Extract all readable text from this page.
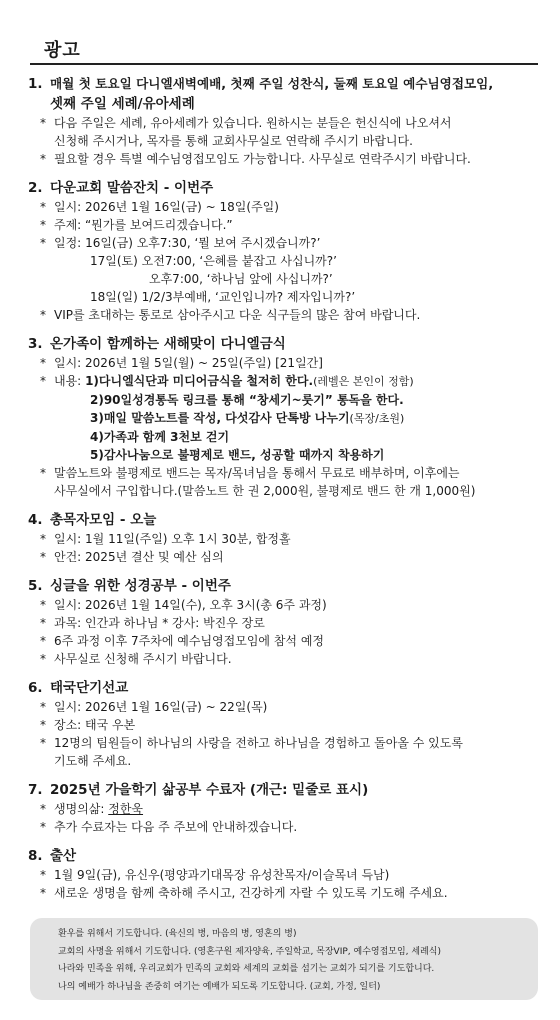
광고
1. 매월 첫 토요일 다니엘새벽예배, 첫째 주일 성찬식, 둘째 토요일 예수님영접모임,
셋째 주일 세례/유아세례
* 다음 주일은 세례, 유아세례가 있습니다. 원하시는 분들은 헌신식에 나오셔서
신청해 주시거나, 목자를 통해 교회사무실로 연락해 주시기 바랍니다.
* 필요할 경우 특별 예수님영접모임도 가능합니다. 사무실로 연락주시기 바랍니다.
2. 다운교회 말씀잔치 - 이번주
* 일시: 2026년 1월 16일(금) ~ 18일(주일)
* 주제: “뭔가를 보여드리겠습니다.”
* 일정: 16일(금) 오후7:30, ‘뭘 보여 주시겠습니까?’
17일(토) 오전7:00, ‘은혜를 붙잡고 사십니까?’
오후7:00, ‘하나님 앞에 사십니까?’
18일(일) 1/2/3부예배, ‘교인입니까? 제자입니까?’
* VIP를 초대하는 통로로 삼아주시고 다운 식구들의 많은 참여 바랍니다.
3. 온가족이 함께하는 새해맞이 다니엘금식
* 일시: 2026년 1월 5일(월) ~ 25일(주일) [21일간]
* 내용: 1)다니엘식단과 미디어금식을 철저히 한다.(레벨은 본인이 정함)
2)90일성경통독 링크를 통해 “창세기~룻기” 통독을 한다.
3)매일 말씀노트를 작성, 다섯감사 단톡방 나누기(목장/초원)
4)가족과 함께 3천보 걷기
5)감사나눔으로 불평제로 밴드, 성공할 때까지 착용하기
* 말씀노트와 불평제로 밴드는 목자/목녀님을 통해서 무료로 배부하며, 이후에는
사무실에서 구입합니다.(말씀노트 한 권 2,000원, 불평제로 밴드 한 개 1,000원)
4. 총목자모임 - 오늘
* 일시: 1월 11일(주일) 오후 1시 30분, 합정홀
* 안건: 2025년 결산 및 예산 심의
5. 싱글을 위한 성경공부 - 이번주
* 일시: 2026년 1월 14일(수), 오후 3시(총 6주 과정)
* 과목: 인간과 하나님 * 강사: 박진우 장로
* 6주 과정 이후 7주차에 예수님영접모임에 참석 예정
* 사무실로 신청해 주시기 바랍니다.
6. 태국단기선교
* 일시: 2026년 1월 16일(금) ~ 22일(목)
* 장소: 태국 우본
* 12명의 팀원들이 하나님의 사랑을 전하고 하나님을 경험하고 돌아올 수 있도록
기도해 주세요.
7. 2025년 가을학기 삶공부 수료자 (개근: 밑줄로 표시)
* 생명의삶: 정한욱
* 추가 수료자는 다음 주 주보에 안내하겠습니다.
8. 출산
* 1월 9일(금), 유신우(평양과기대목장 유성찬목자/이슬목녀 득남)
* 새로운 생명을 함께 축하해 주시고, 건강하게 자랄 수 있도록 기도해 주세요.
환우를 위해서 기도합니다. (육신의 병, 마음의 병, 영혼의 병)
교회의 사명을 위해서 기도합니다. (영혼구원 제자양육, 주일학교, 목장VIP, 예수영접모임, 세례식)
나라와 민족을 위해, 우리교회가 민족의 교회와 세계의 교회를 섬기는 교회가 되기를 기도합니다.
나의 예배가 하나님을 존중히 여기는 예배가 되도록 기도합니다. (교회, 가정, 일터)
